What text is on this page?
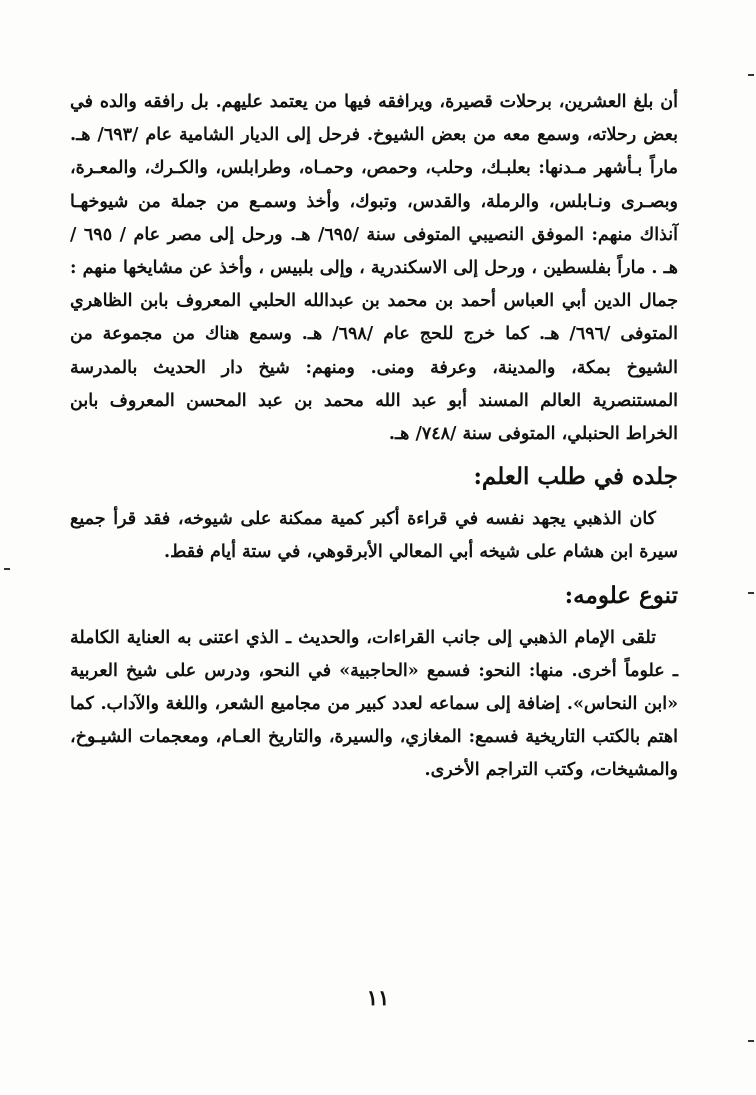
أن بلغ العشرين، برحلات قصيرة، ويرافقه فيها من يعتمد عليهم. بل رافقه والده في بعض رحلاته، وسمع معه من بعض الشيوخ. فرحل إلى الديار الشامية عام /٦٩٣/ هـ. ماراً بـأشهر مـدنها: بعلبـك، وحلب، وحمص، وحمـاه، وطرابلس، والكـرك، والمعـرة، وبصـرى ونـابلس، والرملة، والقدس، وتبوك، وأخذ وسمـع من جملة من شيوخهـا آنذاك منهم: الموفق النصيبي المتوفى سنة /٦٩٥/ هـ. ورحل إلى مصر عام / ٦٩٥ / هـ . ماراً بفلسطين ، ورحل إلى الاسكندرية ، وإلى بلبيس ، وأخذ عن مشايخها منهم : جمال الدين أبي العباس أحمد بن محمد بن عبدالله الحلبي المعروف بابن الظاهري المتوفى /٦٩٦/ هـ. كما خرج للحج عام /٦٩٨/ هـ. وسمع هناك من مجموعة من الشيوخ بمكة، والمدينة، وعرفة ومنى. ومنهم: شيخ دار الحديث بالمدرسة المستنصرية العالم المسند أبو عبد الله محمد بن عبد المحسن المعروف بابن الخراط الحنبلي، المتوفى سنة /٧٤٨/ هـ.

جلده في طلب العلم:

كان الذهبي يجهد نفسه في قراءة أكبر كمية ممكنة على شيوخه، فقد قرأ جميع سيرة ابن هشام على شيخه أبي المعالي الأبرقوهي، في ستة أيام فقط.

تنوع علومه:

تلقى الإمام الذهبي إلى جانب القراءات، والحديث ـ الذي اعتنى به العناية الكاملة ـ علوماً أخرى. منها: النحو: فسمع «الحاجبية» في النحو، ودرس على شيخ العربية «ابن النحاس». إضافة إلى سماعه لعدد كبير من مجاميع الشعر، واللغة والآداب. كما اهتم بالكتب التاريخية فسمع: المغازي، والسيرة، والتاريخ العـام، ومعجمات الشيـوخ، والمشيخات، وكتب التراجم الأخرى.

١١
